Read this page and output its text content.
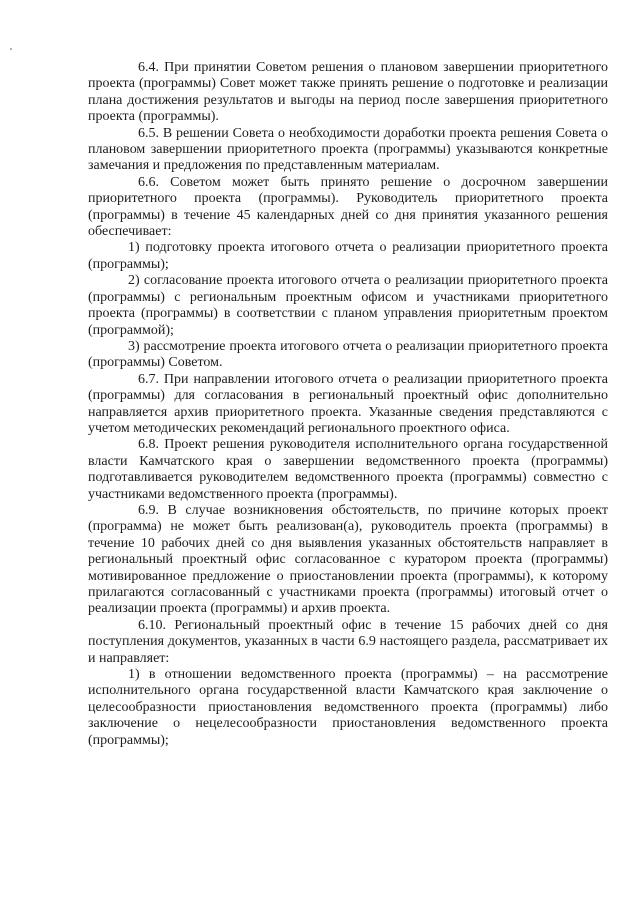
6.4. При принятии Советом решения о плановом завершении приоритетного проекта (программы) Совет может также принять решение о подготовке и реализации плана достижения результатов и выгоды на период после завершения приоритетного проекта (программы).

6.5. В решении Совета о необходимости доработки проекта решения Совета о плановом завершении приоритетного проекта (программы) указываются конкретные замечания и предложения по представленным материалам.

6.6. Советом может быть принято решение о досрочном завершении приоритетного проекта (программы). Руководитель приоритетного проекта (программы) в течение 45 календарных дней со дня принятия указанного решения обеспечивает:

1) подготовку проекта итогового отчета о реализации приоритетного проекта (программы);

2) согласование проекта итогового отчета о реализации приоритетного проекта (программы) с региональным проектным офисом и участниками приоритетного проекта (программы) в соответствии с планом управления приоритетным проектом (программой);

3) рассмотрение проекта итогового отчета о реализации приоритетного проекта (программы) Советом.

6.7. При направлении итогового отчета о реализации приоритетного проекта (программы) для согласования в региональный проектный офис дополнительно направляется архив приоритетного проекта. Указанные сведения представляются с учетом методических рекомендаций регионального проектного офиса.

6.8. Проект решения руководителя исполнительного органа государственной власти Камчатского края о завершении ведомственного проекта (программы) подготавливается руководителем ведомственного проекта (программы) совместно с участниками ведомственного проекта (программы).

6.9. В случае возникновения обстоятельств, по причине которых проект (программа) не может быть реализован(а), руководитель проекта (программы) в течение 10 рабочих дней со дня выявления указанных обстоятельств направляет в региональный проектный офис согласованное с куратором проекта (программы) мотивированное предложение о приостановлении проекта (программы), к которому прилагаются согласованный с участниками проекта (программы) итоговый отчет о реализации проекта (программы) и архив проекта.

6.10. Региональный проектный офис в течение 15 рабочих дней со дня поступления документов, указанных в части 6.9 настоящего раздела, рассматривает их и направляет:

1) в отношении ведомственного проекта (программы) – на рассмотрение исполнительного органа государственной власти Камчатского края заключение о целесообразности приостановления ведомственного проекта (программы) либо заключение о нецелесообразности приостановления ведомственного проекта (программы);
